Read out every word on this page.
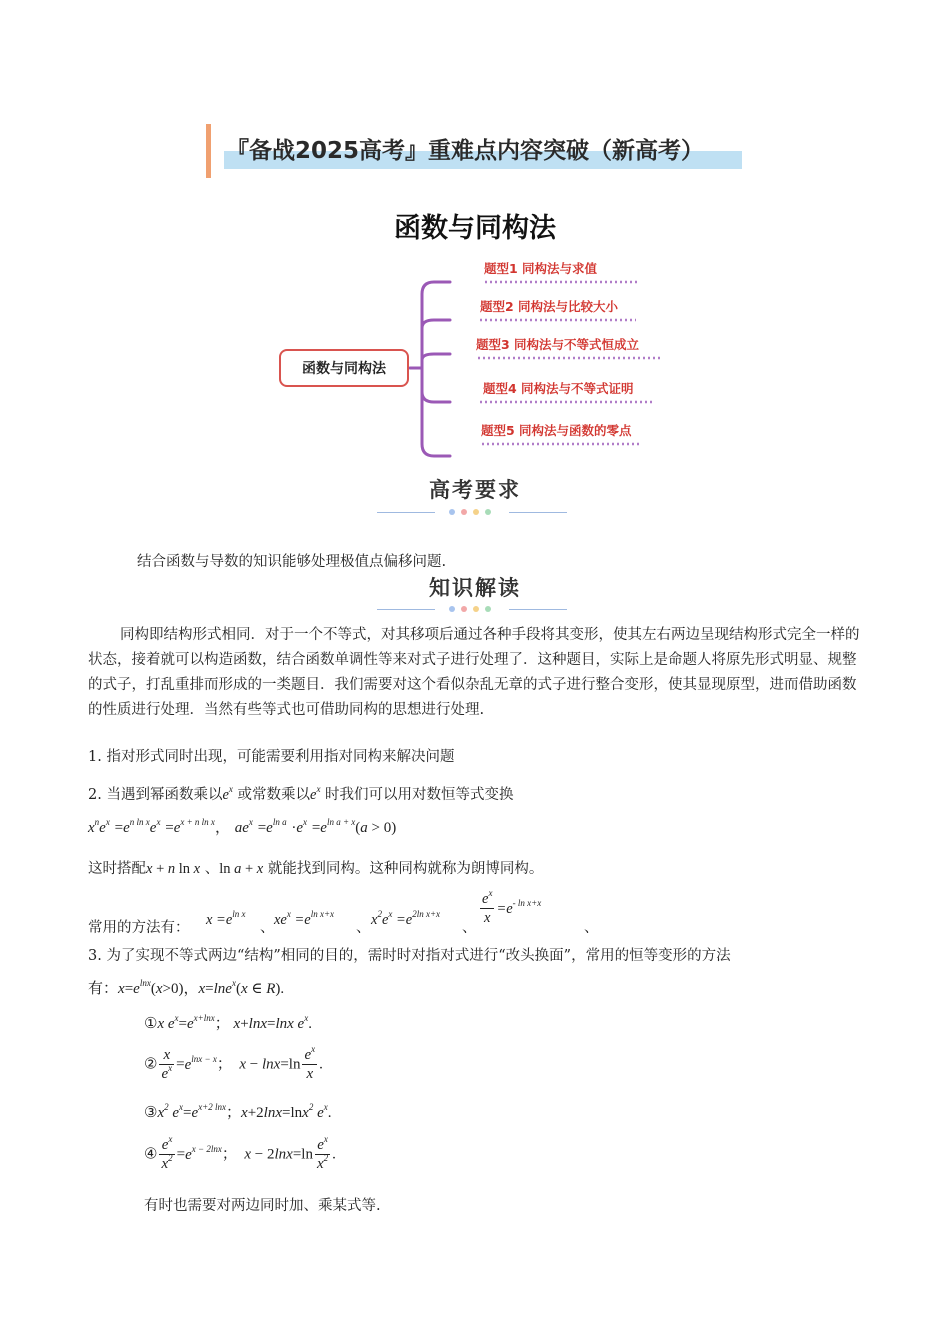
『备战2025高考』重难点内容突破（新高考）
函数与同构法
函数与同构法
题型1 同构法与求值
题型2 同构法与比较大小
题型3 同构法与不等式恒成立
题型4 同构法与不等式证明
题型5 同构法与函数的零点
高考要求
结合函数与导数的知识能够处理极值点偏移问题.
知识解读
同构即结构形式相同．对于一个不等式，对其移项后通过各种手段将其变形，使其左右两边呈现结构形式完全一样的状态，接着就可以构造函数，结合函数单调性等来对式子进行处理了．这种题目，实际上是命题人将原先形式明显、规整的式子，打乱重排而形成的一类题目．我们需要对这个看似杂乱无章的式子进行整合变形，使其显现原型，进而借助函数的性质进行处理．当然有些等式也可借助同构的思想进行处理.
1. 指对形式同时出现，可能需要利用指对同构来解决问题
2. 当遇到幂函数乘以$e^x$ 或常数乘以$e^x$ 时我们可以用对数恒等式变换
$x^ne^x =e^{n ln x}e^x =e^{x + n ln x}$， $ae^x =e^{ln a} \cdot e^x =e^{ln a + x}(a > 0)$
这时搭配x + n ln x 、ln a + x 就能找到同构。这种同构就称为朗博同构。
常用的方法有： $x =e^{ln x}$
、 $xe^x =e^{ln x+x}$
、 $x^2e^x =e^{2ln x+x}$
、
$\frac{e^x}{x} =e^{- ln x+x}$
、
3. 为了实现不等式两边“结构”相同的目的，需时时对指对式进行“改头换面”，常用的恒等变形的方法
有：$x=e^{lnx}(x>0)$，x=lne$^x$(x ∈ R).
①x $e^x=e^{x+lnx}$； x+lnx=lnx $e^x$.
② $\frac{x}{e^x} =e^{lnx - x}$；　$x - \ln x=\ln \frac{e^x}{x}$ .
$③x^2$ $e^x=e^{x+2 lnx}$；x+2lnx=lnx$^2$ $e^x$.
④ $\frac{e^x}{x^2} =e^{x - 2lnx}$；　$x - 2\ln x=\ln \frac{e^x}{x^2}$ .
有时也需要对两边同时加、乘某式等.
